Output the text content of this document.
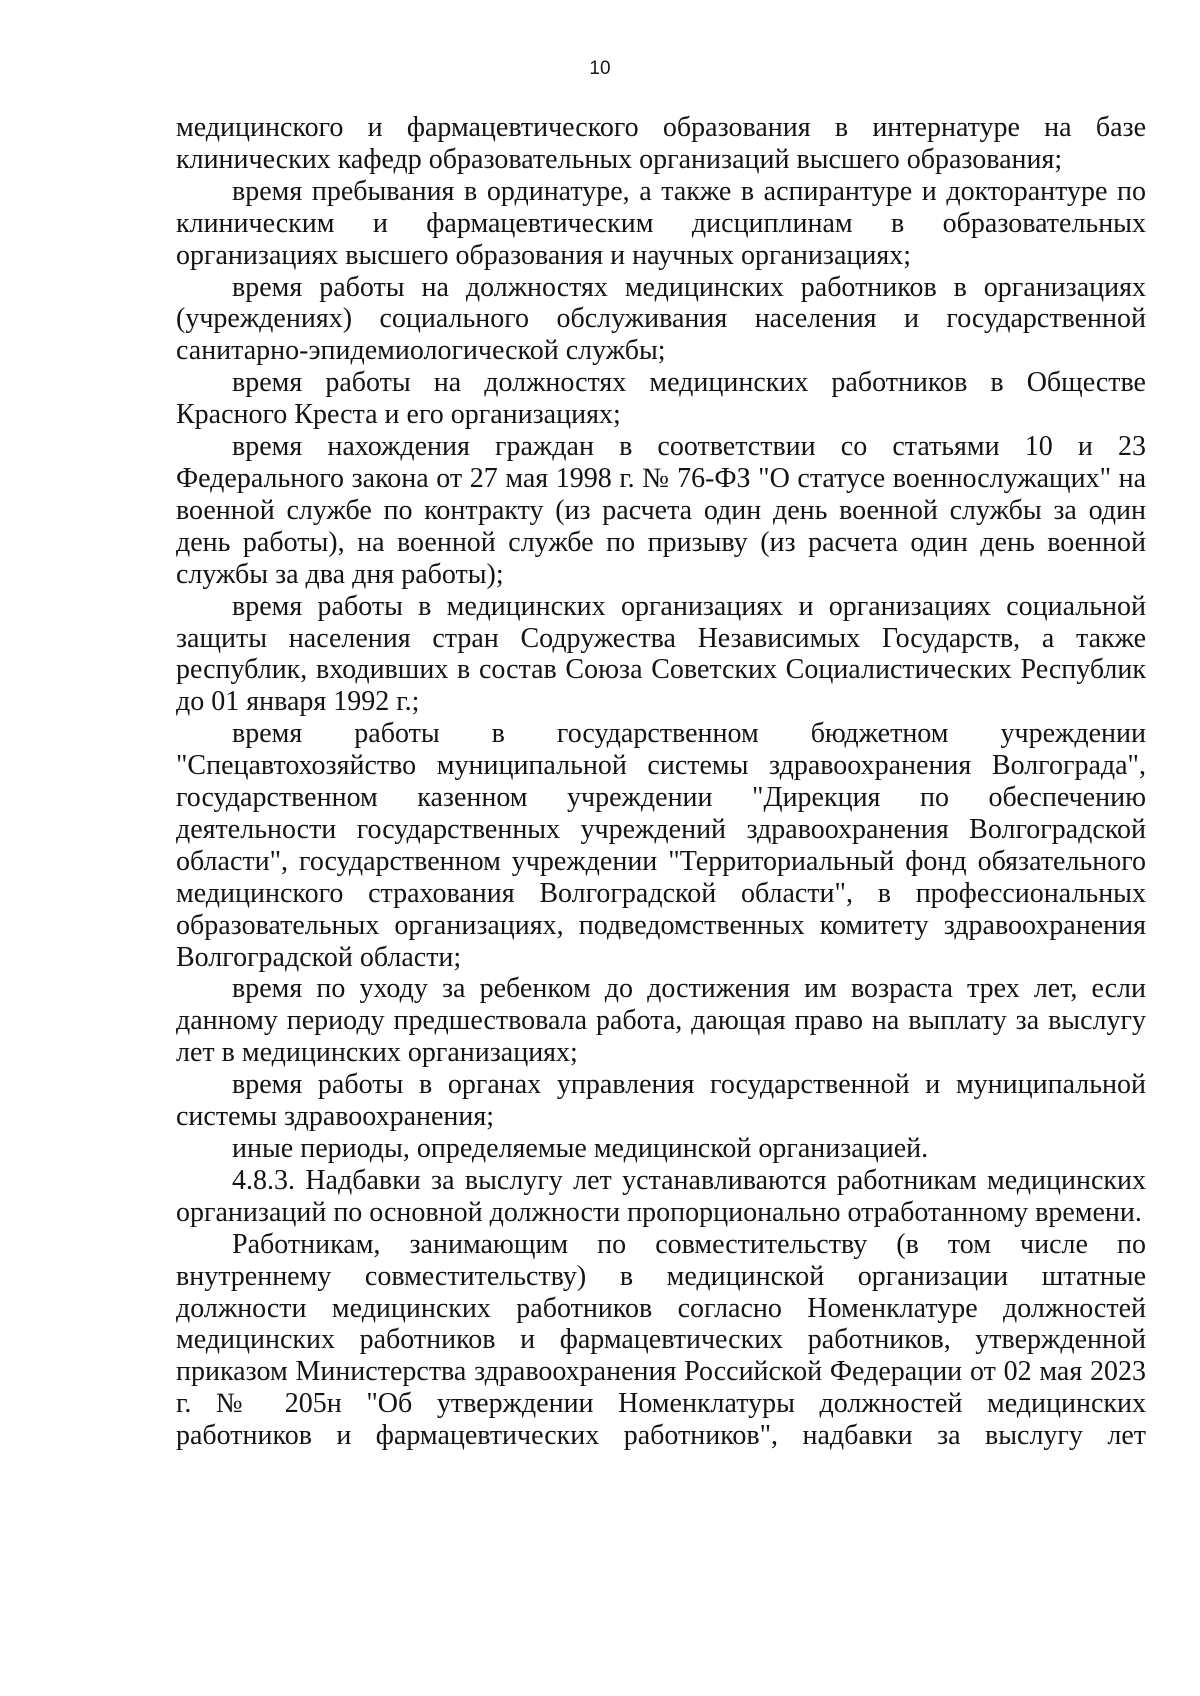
10

медицинского и фармацевтического образования в интернатуре на базе клинических кафедр образовательных организаций высшего образования;

время пребывания в ординатуре, а также в аспирантуре и докторантуре по клиническим и фармацевтическим дисциплинам в образовательных организациях высшего образования и научных организациях;

время работы на должностях медицинских работников в организациях (учреждениях) социального обслуживания населения и государственной санитарно-эпидемиологической службы;

время работы на должностях медицинских работников в Обществе Красного Креста и его организациях;

время нахождения граждан в соответствии со статьями 10 и 23 Федерального закона от 27 мая 1998 г. № 76-ФЗ "О статусе военнослужащих" на военной службе по контракту (из расчета один день военной службы за один день работы), на военной службе по призыву (из расчета один день военной службы за два дня работы);

время работы в медицинских организациях и организациях социальной защиты населения стран Содружества Независимых Государств, а также республик, входивших в состав Союза Советских Социалистических Республик до 01 января 1992 г.;

время работы в государственном бюджетном учреждении "Спецавтохозяйство муниципальной системы здравоохранения Волгограда", государственном казенном учреждении "Дирекция по обеспечению деятельности государственных учреждений здравоохранения Волгоградской области", государственном учреждении "Территориальный фонд обязательного медицинского страхования Волгоградской области", в профессиональных образовательных организациях, подведомственных комитету здравоохранения Волгоградской области;

время по уходу за ребенком до достижения им возраста трех лет, если данному периоду предшествовала работа, дающая право на выплату за выслугу лет в медицинских организациях;

время работы в органах управления государственной и муниципальной системы здравоохранения;

иные периоды, определяемые медицинской организацией.

4.8.3. Надбавки за выслугу лет устанавливаются работникам медицинских организаций по основной должности пропорционально отработанному времени.

Работникам, занимающим по совместительству (в том числе по внутреннему совместительству) в медицинской организации штатные должности медицинских работников согласно Номенклатуре должностей медицинских работников и фармацевтических работников, утвержденной приказом Министерства здравоохранения Российской Федерации от 02 мая 2023 г. № 205н "Об утверждении Номенклатуры должностей медицинских работников и фармацевтических работников", надбавки за выслугу лет
